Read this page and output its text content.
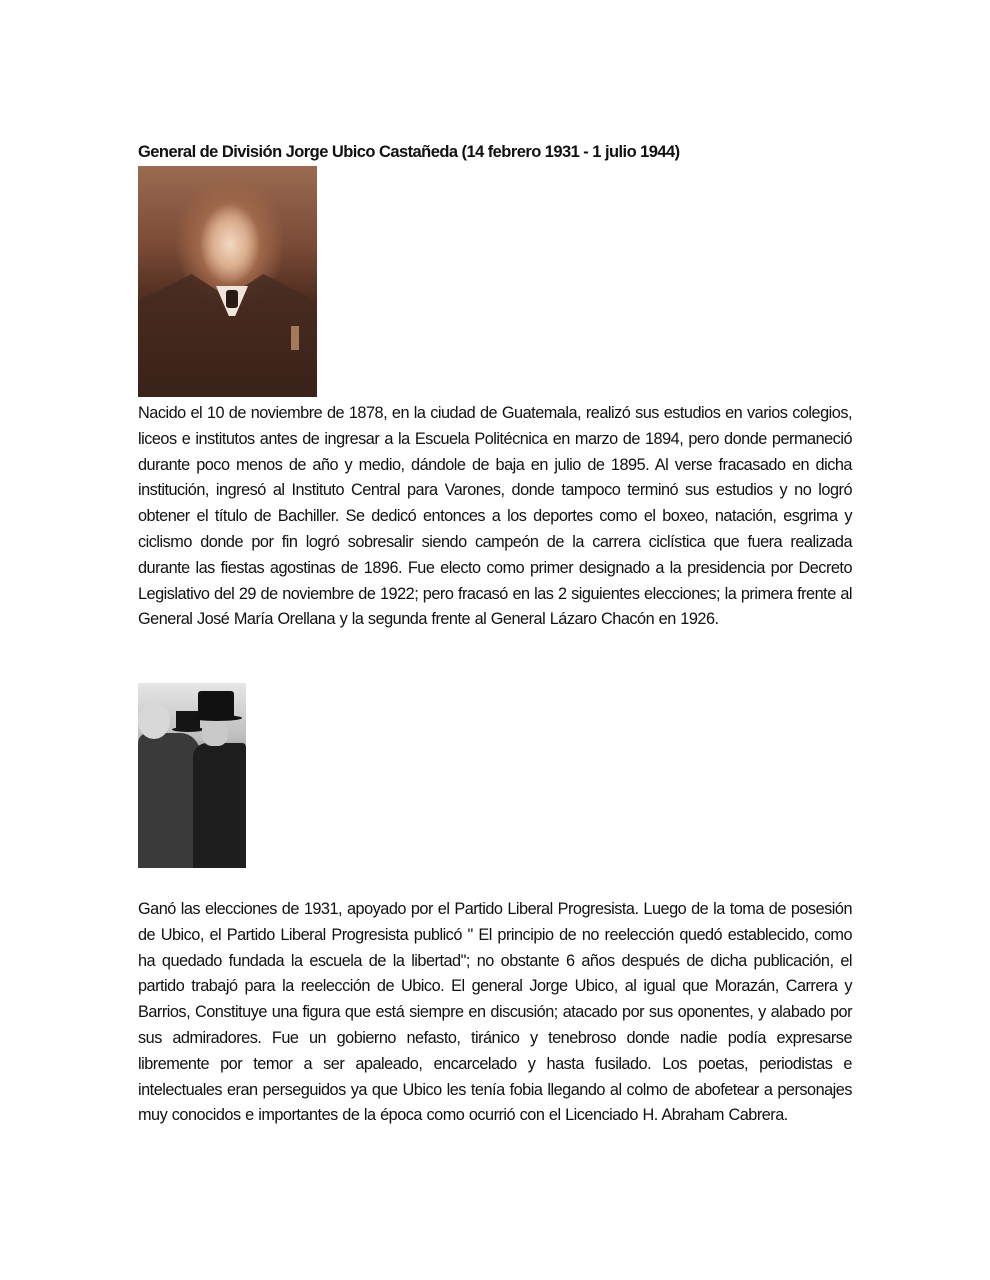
General de División Jorge Ubico Castañeda (14 febrero 1931 - 1 julio 1944)

Nacido el 10 de noviembre de 1878, en la ciudad de Guatemala, realizó sus estudios en varios colegios, liceos e institutos antes de ingresar a la Escuela Politécnica en marzo de 1894, pero donde permaneció durante poco menos de año y medio, dándole de baja en julio de 1895. Al verse fracasado en dicha institución, ingresó al Instituto Central para Varones, donde tampoco terminó sus estudios y no logró obtener el título de Bachiller. Se dedicó entonces a los deportes como el boxeo, natación, esgrima y ciclismo donde por fin logró sobresalir siendo campeón de la carrera ciclística que fuera realizada durante las fiestas agostinas de 1896. Fue electo como primer designado a la presidencia por Decreto Legislativo del 29 de noviembre de 1922; pero fracasó en las 2 siguientes elecciones; la primera frente al General José María Orellana y la segunda frente al General Lázaro Chacón en 1926.

Ganó las elecciones de 1931, apoyado por el Partido Liberal Progresista. Luego de la toma de posesión de Ubico, el Partido Liberal Progresista publicó " El principio de no reelección quedó establecido, como ha quedado fundada la escuela de la libertad"; no obstante 6 años después de dicha publicación, el partido trabajó para la reelección de Ubico. El general Jorge Ubico, al igual que Morazán, Carrera y Barrios, Constituye una figura que está siempre en discusión; atacado por sus oponentes, y alabado por sus admiradores. Fue un gobierno nefasto, tiránico y tenebroso donde nadie podía expresarse libremente por temor a ser apaleado, encarcelado y hasta fusilado. Los poetas, periodistas e intelectuales eran perseguidos ya que Ubico les tenía fobia llegando al colmo de abofetear a personajes muy conocidos e importantes de la época como ocurrió con el Licenciado H. Abraham Cabrera.
